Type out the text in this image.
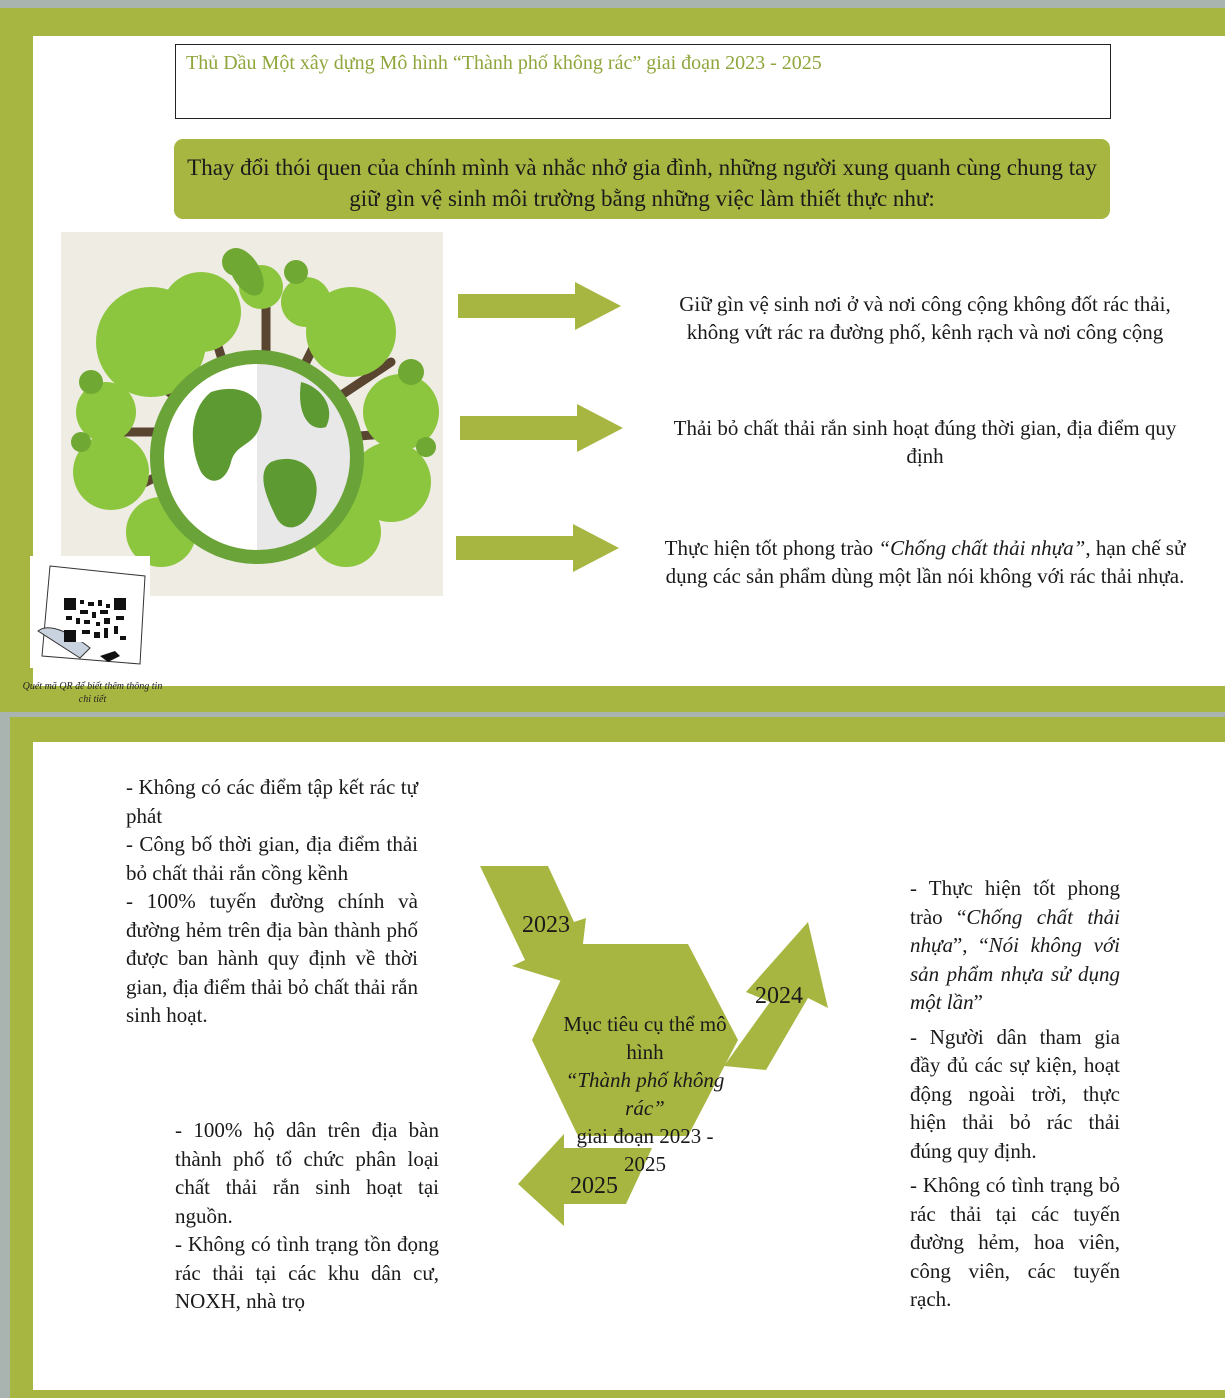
Thủ Dầu Một xây dựng Mô hình “Thành phố không rác” giai đoạn 2023 - 2025
Thay đổi thói quen của chính mình và nhắc nhở gia đình, những người xung quanh cùng chung tay giữ gìn vệ sinh môi trường bằng những việc làm thiết thực như:
Quét mã QR để biết thêm thông tin chi tiết
Giữ gìn vệ sinh nơi ở và nơi công cộng không đốt rác thải, không vứt rác ra đường phố, kênh rạch và nơi công cộng
Thải bỏ chất thải rắn sinh hoạt đúng thời gian, địa điểm quy định
Thực hiện tốt phong trào “Chống chất thải nhựa”, hạn chế sử dụng các sản phẩm dùng một lần nói không với rác thải nhựa.

- Không có các điểm tập kết rác tự phát

- Công bố thời gian, địa điểm thải bỏ chất thải rắn cồng kềnh

- 100% tuyến đường chính và đường hẻm trên địa bàn thành phố được ban hành quy định về thời gian, địa điểm thải bỏ chất thải rắn sinh hoạt.

- 100% hộ dân trên địa bàn thành phố tổ chức phân loại chất thải rắn sinh hoạt tại nguồn.

- Không có tình trạng tồn đọng rác thải tại các khu dân cư, NOXH, nhà trọ

- Thực hiện tốt phong trào “Chống chất thải nhựa”, “Nói không với sản phẩm nhựa sử dụng một lần”

- Người dân tham gia đầy đủ các sự kiện, hoạt động ngoài trời, thực hiện thải bỏ rác thải đúng quy định.

- Không có tình trạng bỏ rác thải tại các tuyến đường hẻm, hoa viên, công viên, các tuyến rạch.

2023
2024
2025
Mục tiêu cụ thể mô hình
“Thành phố không rác”
giai đoạn 2023 - 2025
